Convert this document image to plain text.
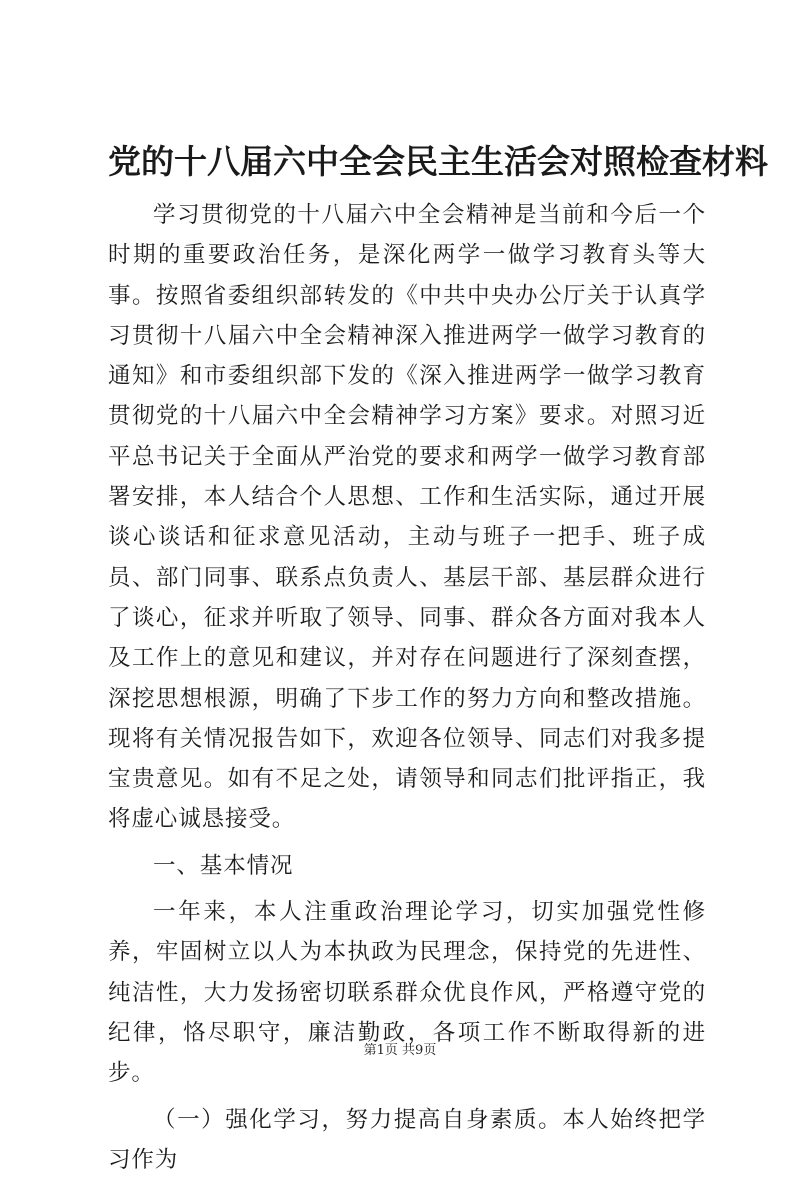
党的十八届六中全会民主生活会对照检查材料

学习贯彻党的十八届六中全会精神是当前和今后一个时期的重要政治任务，是深化两学一做学习教育头等大事。按照省委组织部转发的《中共中央办公厅关于认真学习贯彻十八届六中全会精神深入推进两学一做学习教育的通知》和市委组织部下发的《深入推进两学一做学习教育贯彻党的十八届六中全会精神学习方案》要求。对照习近平总书记关于全面从严治党的要求和两学一做学习教育部署安排，本人结合个人思想、工作和生活实际，通过开展谈心谈话和征求意见活动，主动与班子一把手、班子成员、部门同事、联系点负责人、基层干部、基层群众进行了谈心，征求并听取了领导、同事、群众各方面对我本人及工作上的意见和建议，并对存在问题进行了深刻查摆，深挖思想根源，明确了下步工作的努力方向和整改措施。现将有关情况报告如下，欢迎各位领导、同志们对我多提宝贵意见。如有不足之处，请领导和同志们批评指正，我将虚心诚恳接受。

一、基本情况

一年来，本人注重政治理论学习，切实加强党性修养，牢固树立以人为本执政为民理念，保持党的先进性、纯洁性，大力发扬密切联系群众优良作风，严格遵守党的纪律，恪尽职守，廉洁勤政，各项工作不断取得新的进步。

（一）强化学习，努力提高自身素质。本人始终把学习作为

第1页 共9页
